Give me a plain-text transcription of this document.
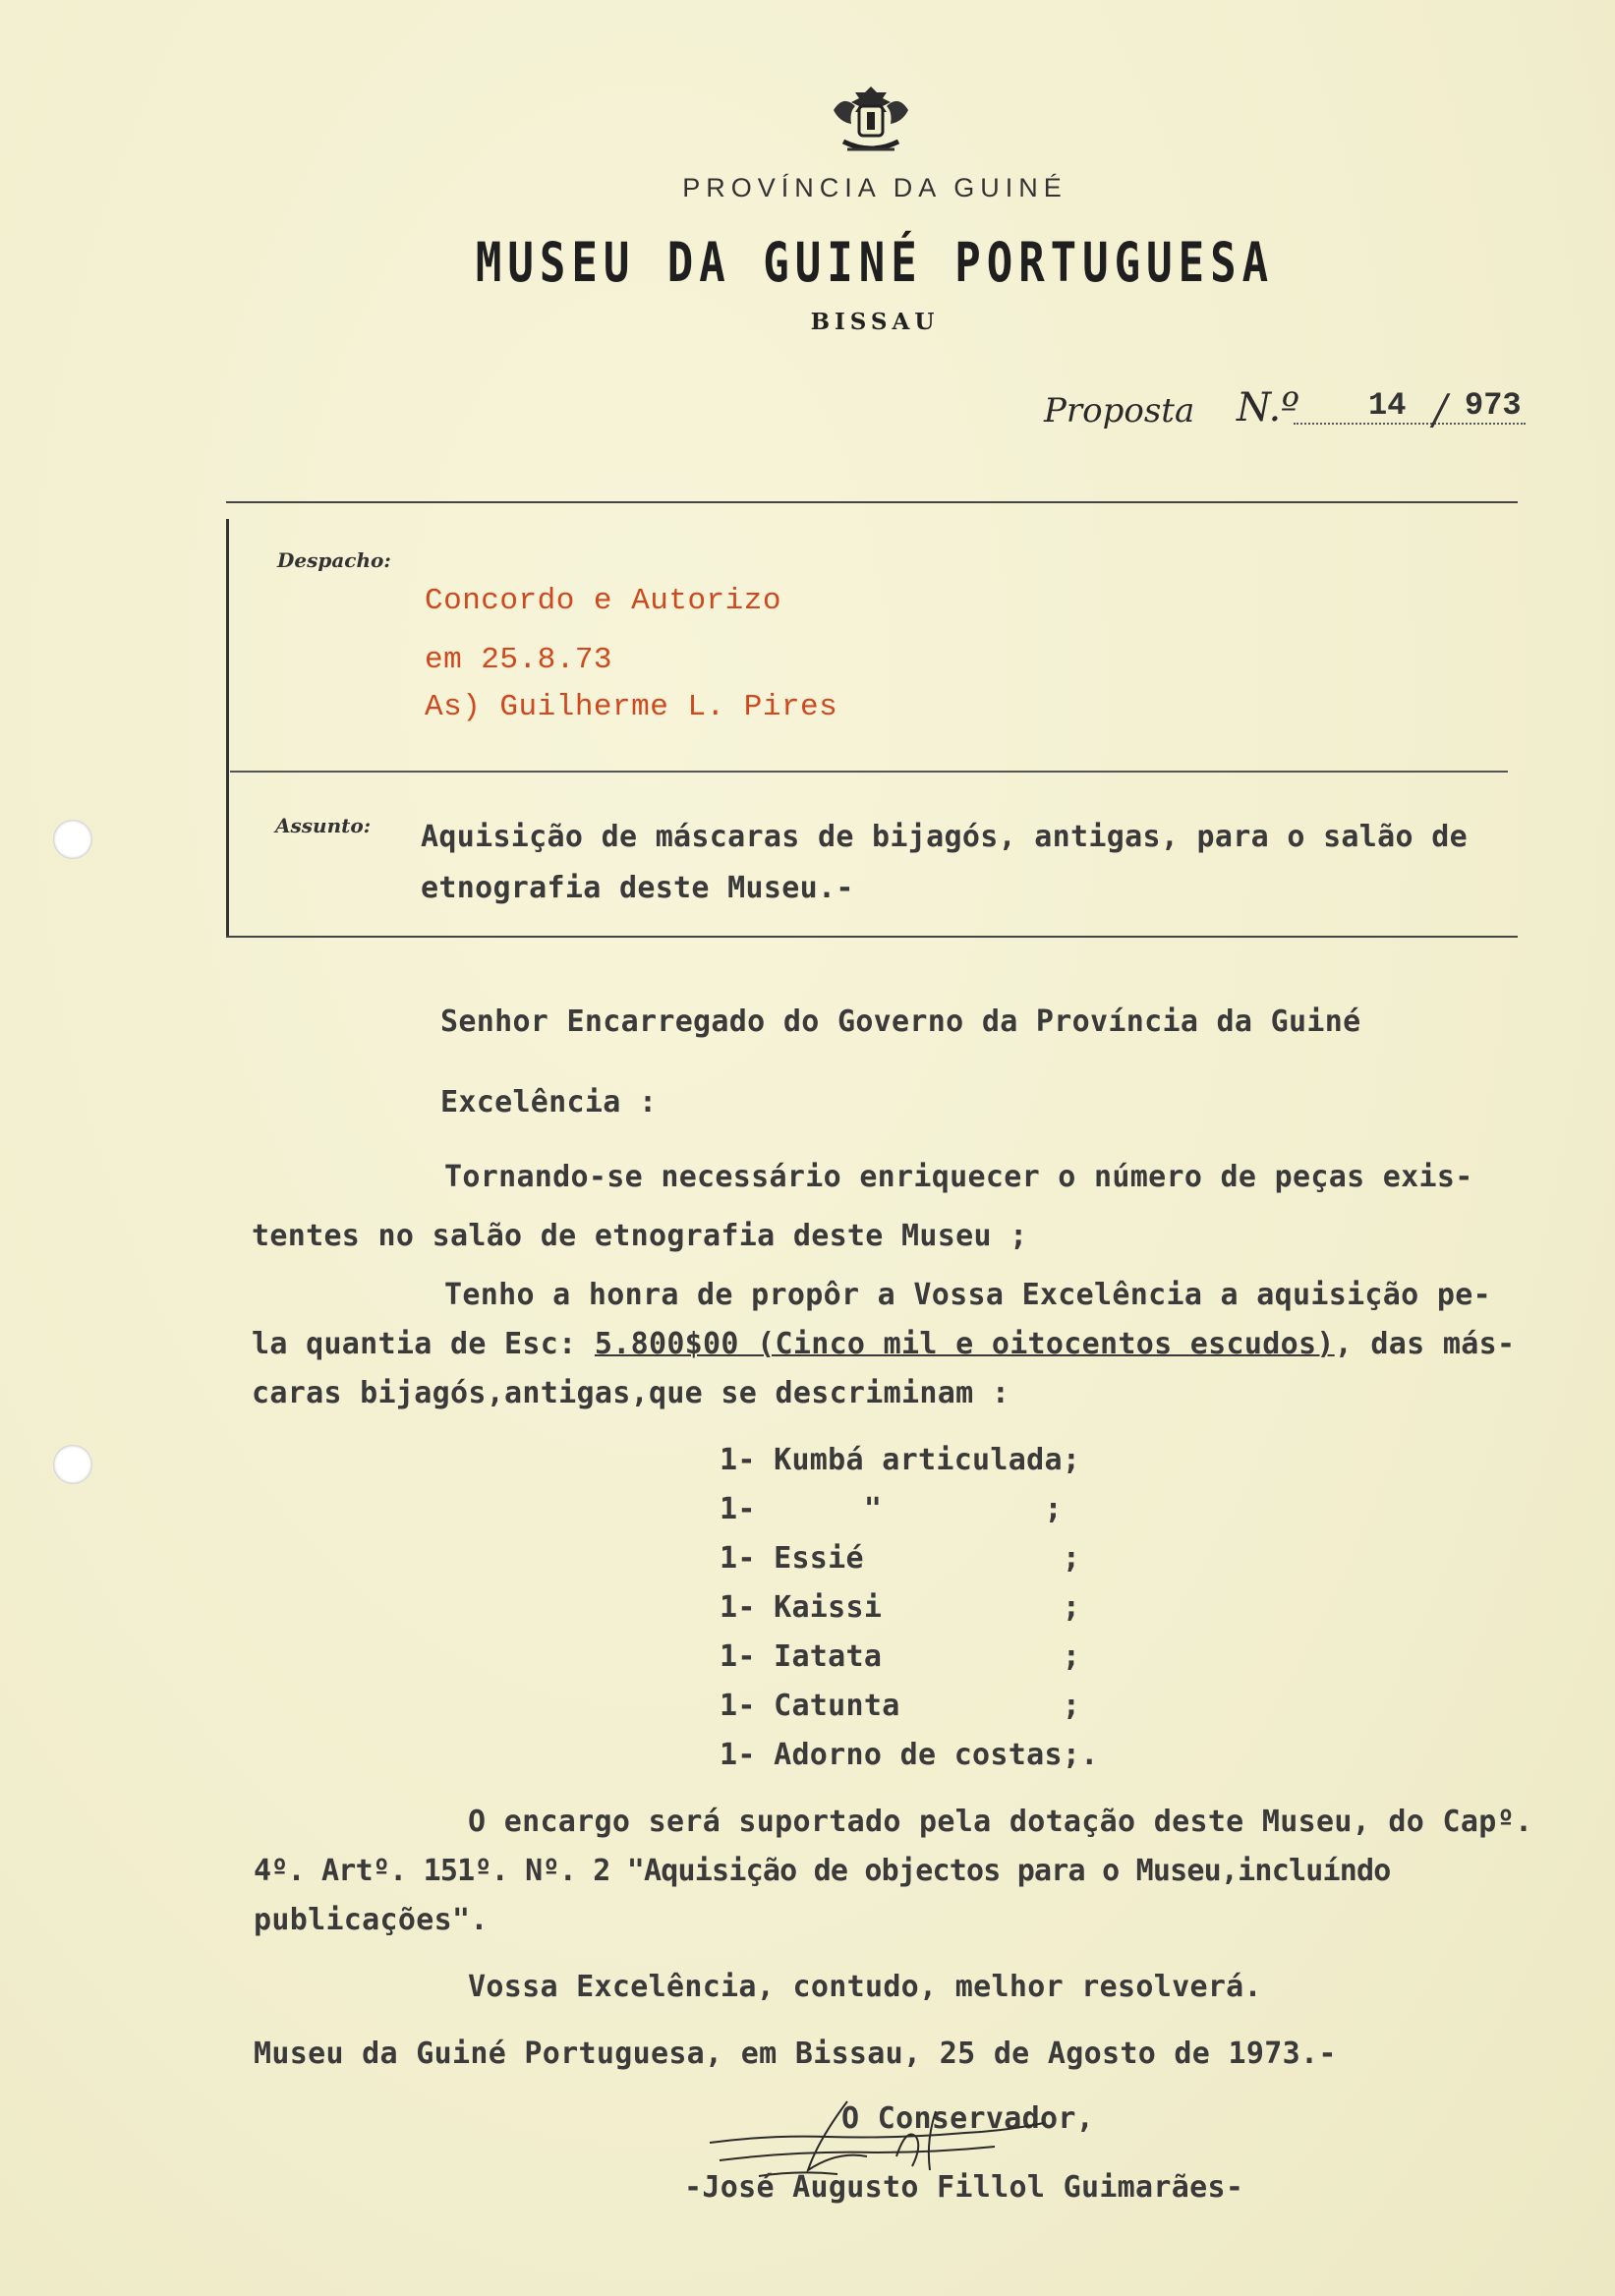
PROVÍNCIA DA GUINÉ
MUSEU DA GUINÉ PORTUGUESA
BISSAU
Proposta N.º 14 / 973
Despacho:
Concordo e Autorizo
em 25.8.73
As) Guilherme L. Pires
Assunto: Aquisição de máscaras de bijagós, antigas, para o salão de
etnografia deste Museu.-
Senhor Encarregado do Governo da Província da Guiné
Excelência :
Tornando-se necessário enriquecer o número de peças exis-
tentes no salão de etnografia deste Museu ;
Tenho a honra de propôr a Vossa Excelência a aquisição pe-
la quantia de Esc: 5.800$00 (Cinco mil e oitocentos escudos), das más-
caras bijagós,antigas,que se descriminam :
1- Kumbá articulada;
1-      "         ;
1- Essié           ;
1- Kaissi          ;
1- Iatata          ;
1- Catunta         ;
1- Adorno de costas;.
O encargo será suportado pela dotação deste Museu, do Capº.
4º. Artº. 151º. Nº. 2 "Aquisição de objectos para o Museu,incluíndo
publicações".
Vossa Excelência, contudo, melhor resolverá.
Museu da Guiné Portuguesa, em Bissau, 25 de Agosto de 1973.-
O Conservador,
-José Augusto Fillol Guimarães-
